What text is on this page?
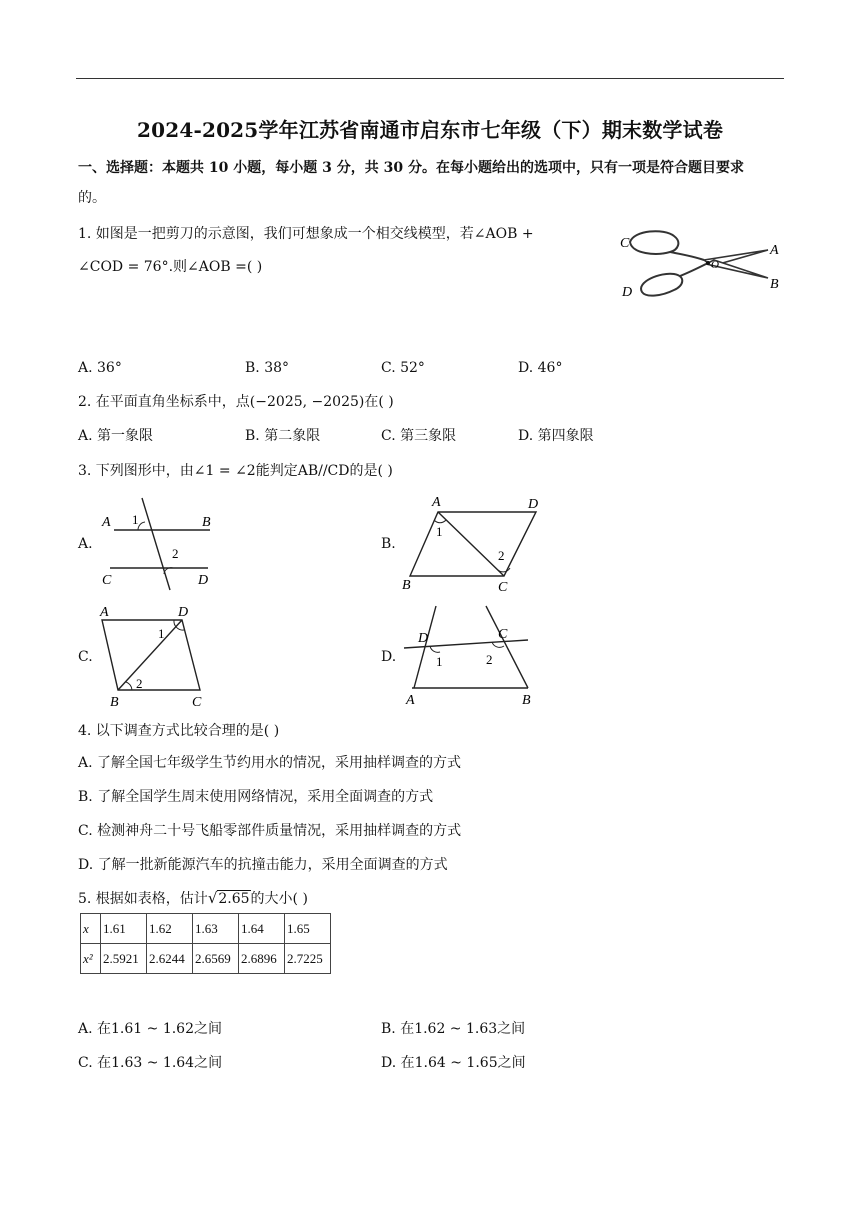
2024-2025学年江苏省南通市启东市七年级（下）期末数学试卷
一、选择题：本题共 10 小题，每小题 3 分，共 30 分。在每小题给出的选项中，只有一项是符合题目要求
的。
1. 如图是一把剪刀的示意图，我们可想象成一个相交线模型，若∠AOB +
∠COD = 76°.则∠AOB =( )
C
O
A
D
B
A. 36°	B. 38°	C. 52°	D. 46°
2. 在平面直角坐标系中，点(−2025, −2025)在( )
A. 第一象限	B. 第二象限	C. 第三象限	D. 第四象限
3. 下列图形中，由∠1 = ∠2能判定AB//CD的是( )
A.
A 1	B
2
C	D
B.
A	D
1
2
B	C
C.
A	D
1
2
B	C
D.
D	C
1	2
A	B
4. 以下调查方式比较合理的是( )
A. 了解全国七年级学生节约用水的情况，采用抽样调查的方式
B. 了解全国学生周末使用网络情况，采用全面调查的方式
C. 检测神舟二十号飞船零部件质量情况，采用抽样调查的方式
D. 了解一批新能源汽车的抗撞击能力，采用全面调查的方式
5. 根据如表格，估计√2.65的大小( )
x	1.61	1.62	1.63	1.64	1.65
x²	2.5921	2.6244	2.6569	2.6896	2.7225
A. 在1.61 ~ 1.62之间	B. 在1.62 ~ 1.63之间
C. 在1.63 ~ 1.64之间	D. 在1.64 ~ 1.65之间
